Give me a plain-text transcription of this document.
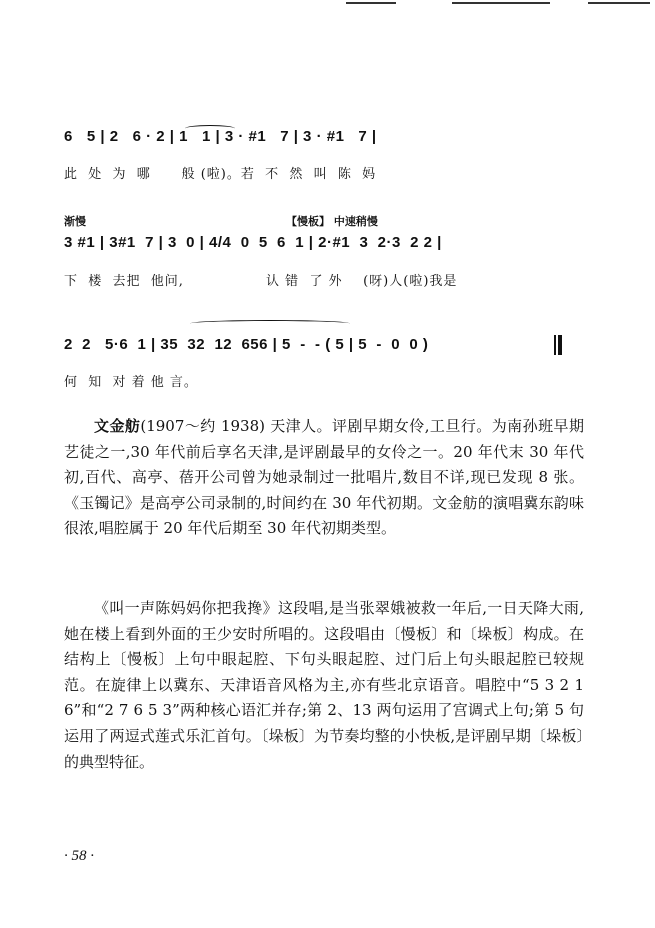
6   5 | 2   6 · 2 | 1   1 | 3 · #1   7 | 3 · #1   7 |
此  处  为  哪      般 (啦)。若  不  然  叫  陈  妈
渐慢	【慢板】 中速稍慢
3 #1 | 3#1  7 | 3  0 | 4/4  0  5  6  1 | 2·#1  3  2·3  2 2 |
下  楼  去把  他问,                认 错  了 外    (呀)人(啦)我是
2  2   5·6  1 | 35  32  12  656 | 5  -  - ( 5 | 5  -  0  0 )
何  知  对 着 他 言。

文金舫(1907～约 1938) 天津人。评剧早期女伶,工旦行。为南孙班早期艺徒之一,30 年代前后享名天津,是评剧最早的女伶之一。20 年代末 30 年代初,百代、高亭、蓓开公司曾为她录制过一批唱片,数目不详,现已发现 8 张。《玉镯记》是高亭公司录制的,时间约在 30 年代初期。文金舫的演唱冀东韵味很浓,唱腔属于 20 年代后期至 30 年代初期类型。

《叫一声陈妈妈你把我搀》这段唱,是当张翠娥被救一年后,一日天降大雨,她在楼上看到外面的王少安时所唱的。这段唱由〔慢板〕和〔垛板〕构成。在结构上〔慢板〕上句中眼起腔、下句头眼起腔、过门后上句头眼起腔已较规范。在旋律上以冀东、天津语音风格为主,亦有些北京语音。唱腔中“5 3 2 1 6”和“2 7 6 5 3”两种核心语汇并存;第 2、13 两句运用了宫调式上句;第 5 句运用了两逗式莲式乐汇首句。〔垛板〕为节奏均整的小快板,是评剧早期〔垛板〕的典型特征。

· 58 ·
